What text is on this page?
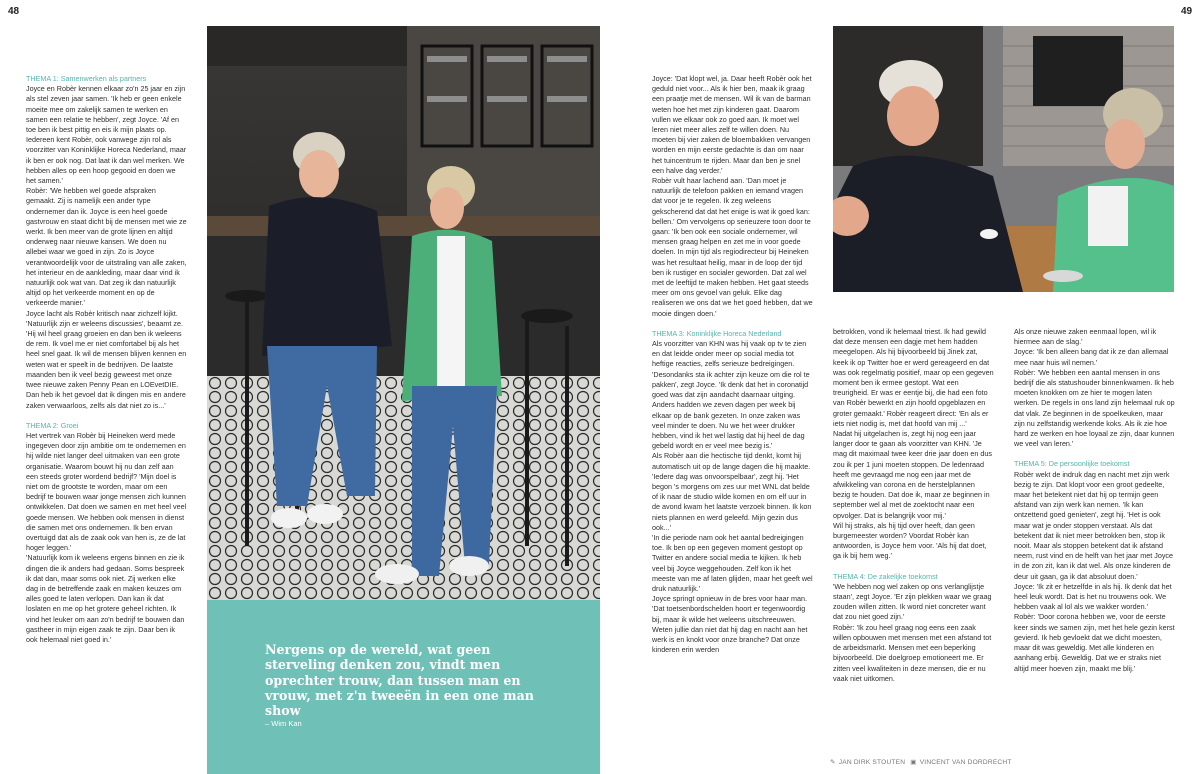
48	49

THEMA 1: Samenwerken als partners

Joyce en Robèr kennen elkaar zo'n 25 jaar en zijn als stel zeven jaar samen. 'Ik heb er geen enkele moeite mee om zakelijk samen te werken en samen een relatie te hebben', zegt Joyce. 'Af en toe ben ik best pittig en eis ik mijn plaats op. Iedereen kent Robèr, ook vanwege zijn rol als voorzitter van Koninklijke Horeca Nederland, maar ik ben er ook nog. Dat laat ik dan wel merken. We hebben alles op een hoop gegooid en doen we het samen.'

Robèr: 'We hebben wel goede afspraken gemaakt. Zij is namelijk een ander type ondernemer dan ik. Joyce is een heel goede gastvrouw en staat dicht bij de mensen met wie ze werkt. Ik ben meer van de grote lijnen en altijd onderweg naar nieuwe kansen. We doen nu allebei waar we goed in zijn. Zo is Joyce verantwoordelijk voor de uitstraling van alle zaken, het interieur en de aankleding, maar daar vind ik natuurlijk ook wat van. Dat zeg ik dan natuurlijk altijd op het verkeerde moment en op de verkeerde manier.'

Joyce lacht als Robèr kritisch naar zichzelf kijkt. 'Natuurlijk zijn er weleens discussies', beaamt ze. 'Hij wil heel graag groeien en dan ben ik weleens de rem. Ik voel me er niet comfortabel bij als het heel snel gaat. Ik wil de mensen blijven kennen en weten wat er speelt in de bedrijven. De laatste maanden ben ik veel bezig geweest met onze twee nieuwe zaken Penny Pean en LOEvetDIE. Dan heb ik het gevoel dat ik dingen mis en andere zaken verwaarloos, zelfs als dat niet zo is...'

THEMA 2: Groei

Het vertrek van Robèr bij Heineken werd mede ingegeven door zijn ambitie om te ondernemen en hij wilde niet langer deel uitmaken van een grote organisatie. Waarom bouwt hij nu dan zelf aan een steeds groter wordend bedrijf? 'Mijn doel is niet om de grootste te worden, maar om een bedrijf te bouwen waar jonge mensen zich kunnen ontwikkelen. Dat doen we samen en met heel veel goede mensen. We hebben ook mensen in dienst die samen met ons ondernemen. Ik ben ervan overtuigd dat als de zaak ook van hen is, ze de lat hoger leggen.'

'Natuurlijk kom ik weleens ergens binnen en zie ik dingen die ik anders had gedaan. Soms bespreek ik dat dan, maar soms ook niet. Zij werken elke dag in de betreffende zaak en maken keuzes om alles goed te laten verlopen. Dan kan ik dat loslaten en me op het grotere geheel richten. Ik vind het leuker om aan zo'n bedrijf te bouwen dan gastheer in mijn eigen zaak te zijn. Daar ben ik ook helemaal niet goed in.'

Nergens op de wereld, wat geen sterveling denken zou, vindt men oprechter trouw, dan tussen man en vrouw, met z'n tweeën in een one man show
– Wim Kan

Joyce: 'Dat klopt wel, ja. Daar heeft Robèr ook het geduld niet voor... Als ik hier ben, maak ik graag een praatje met de mensen. Wil ik van de barman weten hoe het met zijn kinderen gaat. Daarom vullen we elkaar ook zo goed aan. Ik moet wel leren niet meer alles zelf te willen doen. Nu moeten bij vier zaken de bloembakken vervangen worden en mijn eerste gedachte is dan om naar het tuincentrum te rijden. Maar dan ben je snel een halve dag verder.'

Robèr vult haar lachend aan. 'Dan moet je natuurlijk de telefoon pakken en iemand vragen dat voor je te regelen. Ik zeg weleens gekscherend dat dat het enige is wat ik goed kan: bellen.' Om vervolgens op serieuzere toon door te gaan: 'Ik ben ook een sociale ondernemer, wil mensen graag helpen en zet me in voor goede doelen. In mijn tijd als regiodirecteur bij Heineken was het resultaat heilig, maar in de loop der tijd ben ik rustiger en socialer geworden. Dat zal wel met de leeftijd te maken hebben. Het gaat steeds meer om ons gevoel van geluk. Elke dag realiseren we ons dat we het goed hebben, dat we mooie dingen doen.'

THEMA 3: Koninklijke Horeca Nederland

Als voorzitter van KHN was hij vaak op tv te zien en dat leidde onder meer op social media tot heftige reacties, zelfs serieuze bedreigingen. 'Desondanks sta ik achter zijn keuze om die rol te pakken', zegt Joyce. 'Ik denk dat het in coronatijd goed was dat zijn aandacht daarnaar uitging. Anders hadden we zeven dagen per week bij elkaar op de bank gezeten. In onze zaken was veel minder te doen. Nu we het weer drukker hebben, vind ik het wel lastig dat hij heel de dag gebeld wordt en er veel mee bezig is.'

Als Robèr aan die hectische tijd denkt, komt hij automatisch uit op de lange dagen die hij maakte. 'Iedere dag was onvoorspelbaar', zegt hij. 'Het begon 's morgens om zes uur met WNL dat belde of ik naar de studio wilde komen en om elf uur in de avond kwam het laatste verzoek binnen. Ik kon niets plannen en werd geleefd. Mijn gezin dus ook...'

'In die periode nam ook het aantal bedreigingen toe. Ik ben op een gegeven moment gestopt op Twitter en andere social media te kijken. Ik heb veel bij Joyce weggehouden. Zelf kon ik het meeste van me af laten glijden, maar het geeft wel druk natuurlijk.'

Joyce springt opnieuw in de bres voor haar man. 'Dat toetsenbordschelden hoort er tegenwoordig bij, maar ik wilde het weleens uitschreeuwen. Weten jullie dan niet dat hij dag en nacht aan het werk is en knokt voor onze branche? Dat onze kinderen erin werden

betrokken, vond ik helemaal triest. Ik had gewild dat deze mensen een dagje met hem hadden meegelopen. Als hij bijvoorbeeld bij Jinek zat, keek ik op Twitter hoe er werd gereageerd en dat was ook regelmatig positief, maar op een gegeven moment ben ik ermee gestopt. Wat een treurigheid. Er was er eentje bij, die had een foto van Robèr bewerkt en zijn hoofd opgeblazen en groter gemaakt.' Robèr reageert direct: 'En als er iets niet nodig is, met dat hoofd van mij ...'

Nadat hij uitgelachen is, zegt hij nog een jaar langer door te gaan als voorzitter van KHN. 'Je mag dit maximaal twee keer drie jaar doen en dus zou ik per 1 juni moeten stoppen. De ledenraad heeft me gevraagd me nog een jaar met de afwikkeling van corona en de herstelplannen bezig te houden. Dat doe ik, maar ze beginnen in september wel al met de zoektocht naar een opvolger. Dat is belangrijk voor mij.'

Wil hij straks, als hij tijd over heeft, dan geen burgemeester worden? Voordat Robèr kan antwoorden, is Joyce hem voor. 'Als hij dat doet, ga ik bij hem weg.'

THEMA 4: De zakelijke toekomst

'We hebben nog wel zaken op ons verlanglijstje staan', zegt Joyce. 'Er zijn plekken waar we graag zouden willen zitten. Ik word niet concreter want dat zou niet goed zijn.'

Robèr: 'Ik zou heel graag nog eens een zaak willen opbouwen met mensen met een afstand tot de arbeidsmarkt. Mensen met een beperking bijvoorbeeld. Die doelgroep emotioneert me. Er zitten veel kwaliteiten in deze mensen, die er nu vaak niet uitkomen.

Als onze nieuwe zaken eenmaal lopen, wil ik hiermee aan de slag.'

Joyce: 'Ik ben alleen bang dat ik ze dan allemaal mee naar huis wil nemen.'

Robèr: 'We hebben een aantal mensen in ons bedrijf die als statushouder binnenkwamen. Ik heb moeten knokken om ze hier te mogen laten werken. De regels in ons land zijn helemaal ruk op dat vlak. Ze beginnen in de spoelkeuken, maar zijn nu zelfstandig werkende koks. Als ik zie hoe hard ze werken en hoe loyaal ze zijn, daar kunnen we veel van leren.'

THEMA 5: De persoonlijke toekomst

Robèr wekt de indruk dag en nacht met zijn werk bezig te zijn. Dat klopt voor een groot gedeelte, maar het betekent niet dat hij op termijn geen afstand van zijn werk kan nemen. 'Ik kan ontzettend goed genieten', zegt hij. 'Het is ook maar wat je onder stoppen verstaat. Als dat betekent dat ik niet meer betrokken ben, stop ik nooit. Maar als stoppen betekent dat ik afstand neem, rust vind en de helft van het jaar met Joyce in de zon zit, kan ik dat wel. Als onze kinderen de deur uit gaan, ga ik dat absoluut doen.'

Joyce: 'Ik zit er hetzelfde in als hij. Ik denk dat het heel leuk wordt. Dat is het nu trouwens ook. We hebben vaak al lol als we wakker worden.'

Robèr: 'Door corona hebben we, voor de eerste keer sinds we samen zijn, met het hele gezin kerst gevierd. Ik heb gevloekt dat we dicht moesten, maar dit was geweldig. Met alle kinderen en aanhang erbij. Geweldig. Dat we er straks niet altijd meer hoeven zijn, maakt me blij.'

✎ JAN DIRK STOUTEN ▣ VINCENT VAN DORDRECHT
